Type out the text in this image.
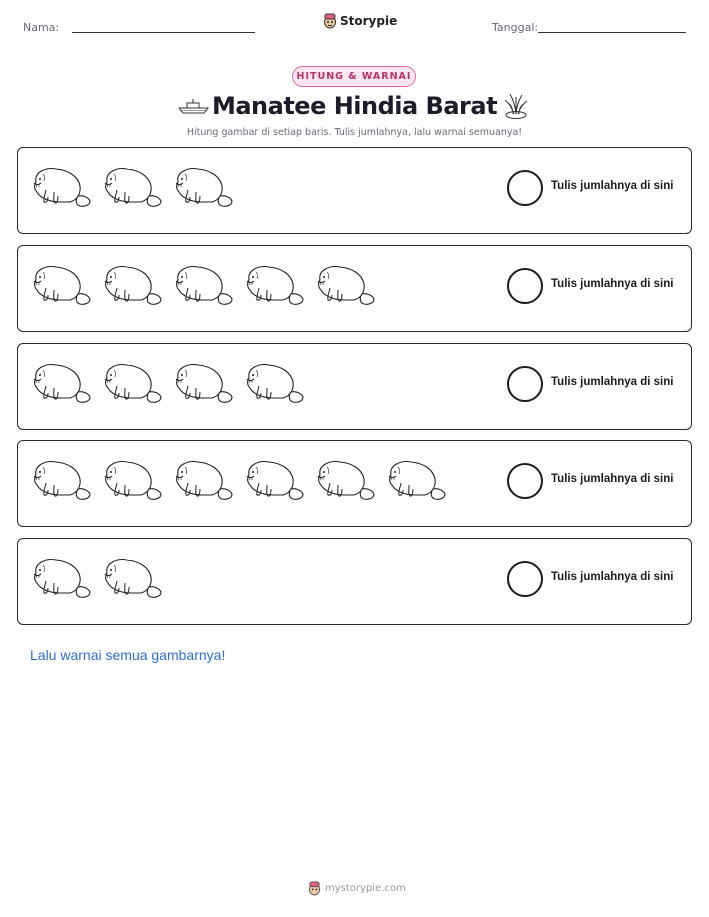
Nama:	Storypie	Tanggal:
HITUNG & WARNAI
Manatee Hindia Barat
Hitung gambar di setiap baris. Tulis jumlahnya, lalu warnai semuanya!
Tulis jumlahnya di sini
Tulis jumlahnya di sini
Tulis jumlahnya di sini
Tulis jumlahnya di sini
Tulis jumlahnya di sini
Lalu warnai semua gambarnya!
mystorypie.com
